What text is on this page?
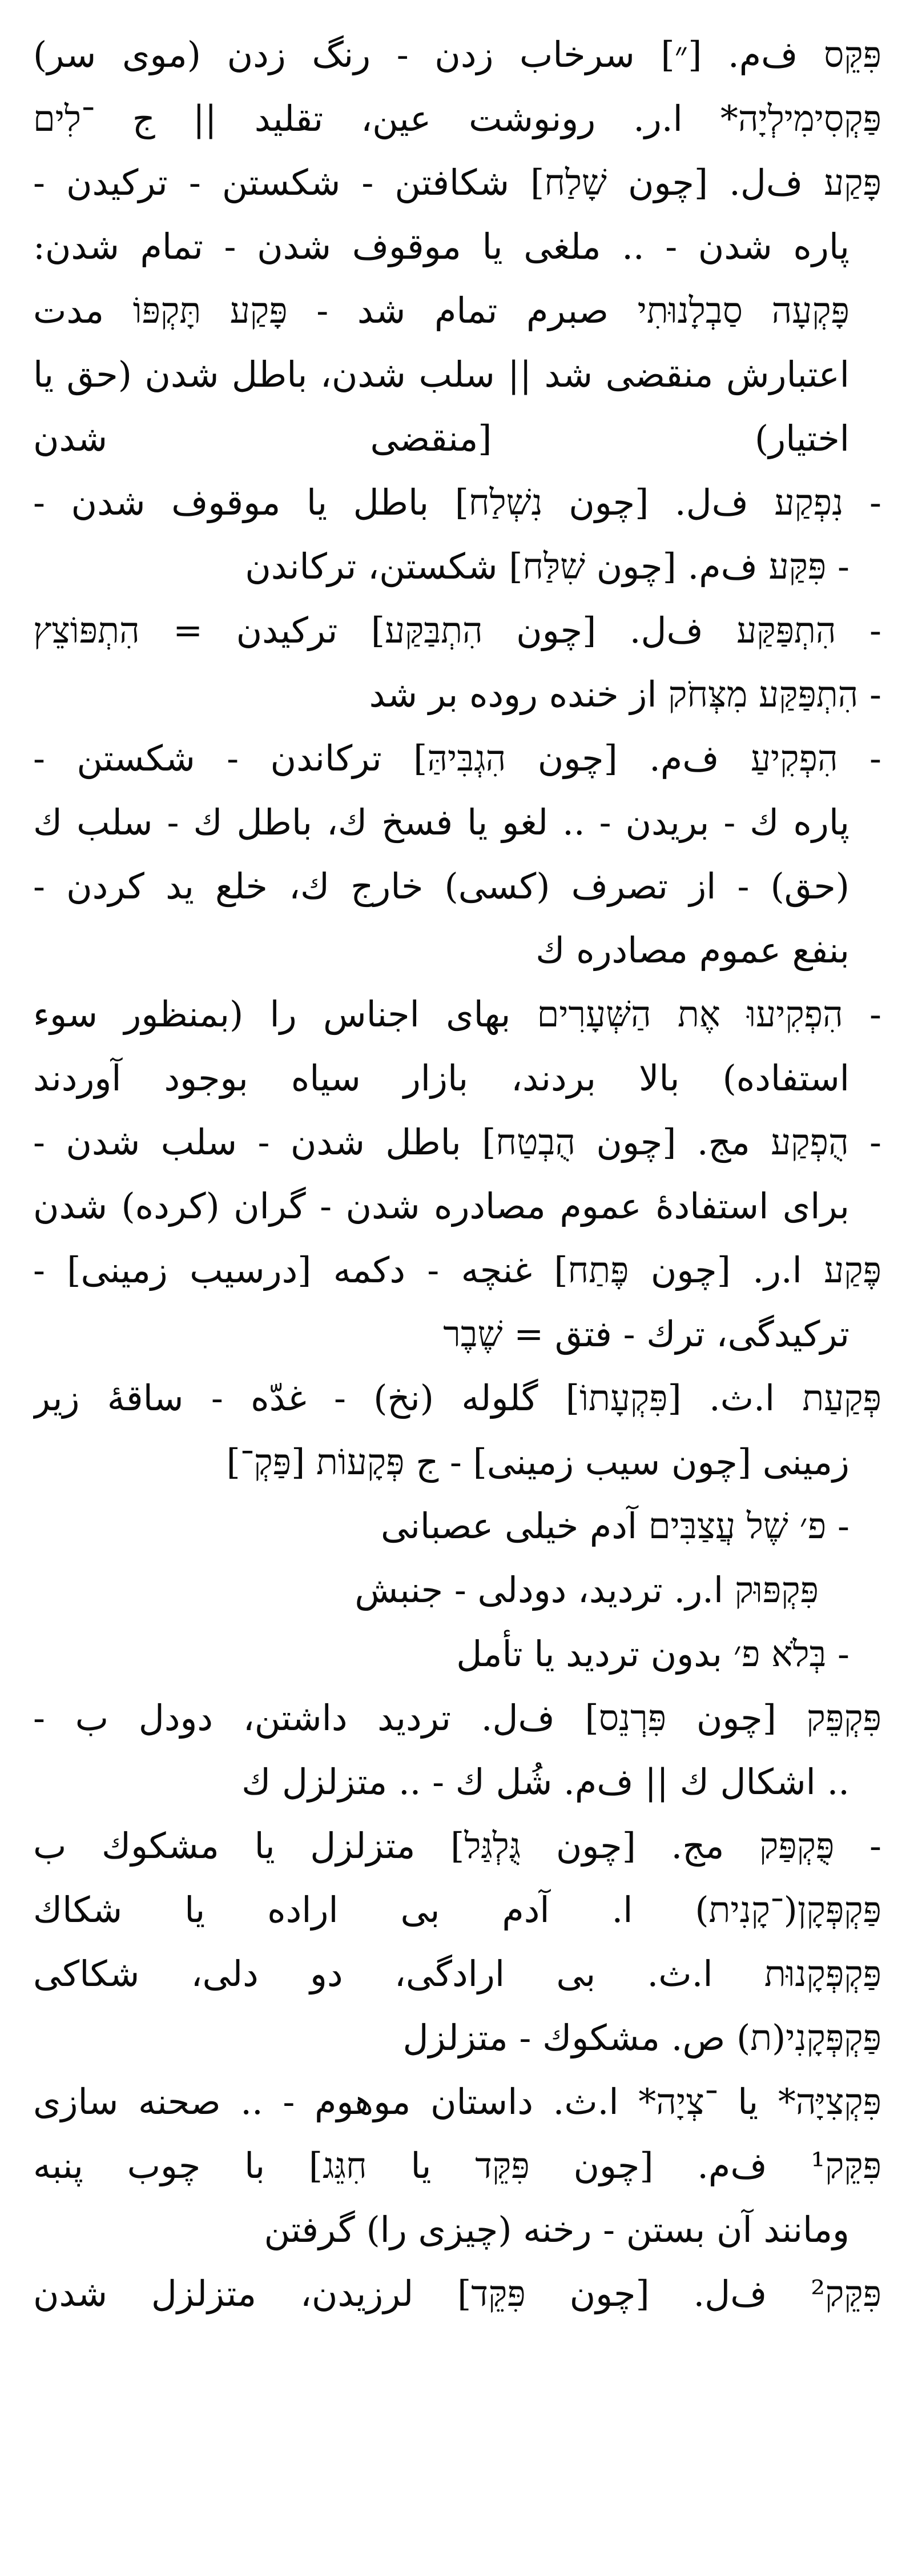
פִּקֵּס ف‌م. [״] سرخاب زدن - رنگ زدن (موی سر)
פַּקְסִימִילְיָה* ا.ر. رونوشت عین، تقلید || ج ־לִים
פָּקַע ف‌ل. [چون שָׁלַח] شكافتن - شكستن - تركيدن -
پاره شدن - .. ملغی یا موقوف شدن - تمام شدن:
פָּקְעָה סַבְלָנוּתִי صبرم تمام شد - פָּקַע תָּקְפּוֹ مدت
اعتبارش منقضی شد || سلب شدن، باطل شدن (حق یا
اختیار) [منقضی شدن
- נִפְקַע ف‌ل. [چون נִשְׁלַח] باطل یا موقوف شدن -
- פִּקַּע ف‌م. [چون שִׁלַּח] شكستن، تركاندن
- הִתְפַּקַּע ف‌ل. [چون הִתְבַּקַּע] تركیدن = הִתְפּוֹצֵץ
- הִתְפַּקַּע מִצְּחֹק از خنده روده بر شد
- הִפְקִיעַ ف‌م. [چون הִגְבִּיהַּ] تركاندن - شكستن -
پاره ك - بریدن - .. لغو یا فسخ ك، باطل ك - سلب ك
(حق) - از تصرف (كسی) خارج ك، خلع ید كردن -
بنفع عموم مصادره ك
- הִפְקִיעוּ אֶת הַשְּׁעָרִים بهای اجناس را (بمنظور سوء
استفاده) بالا بردند، بازار سیاه بوجود آوردند
- הֻפְקַע مج. [چون הֻבְטַח] باطل شدن - سلب شدن -
برای استفادهٔ عموم مصادره شدن - گران (كرده) شدن
פֶּקַע ا.ر. [چون פֶּתַח] غنچه - دكمه [درسیب زمینی] -
تركیدگی، ترك - فتق = שֶׁבֶר
פְּקַעַת ا.ث. [פִּקְעָתוֹ] گلوله (نخ) - غدّه - ساقهٔ زیر
زمینی [چون سیب زمینی] - ج פְּקָעוֹת [פַּקְ־]
- פ׳ שֶׁל עֲצַבִּים آدم خیلی عصبانی
פִּקְפּוּק ا.ر. تردید، دودلی - جنبش
- בְּלֹא פ׳ بدون تردید یا تأمل
פִּקְפֵּק [چون פִּרְנֵס] ف‌ل. تردید داشتن، دودل ب -
.. اشكال ك || ف‌م. شُل ك - .. متزلزل ك
- פֻּקְפַּק مج. [چون גֻּלְגַּל] متزلزل یا مشكوك ب
פַּקְפְּקָן(־קָנִית) ا. آدم بی اراده یا شكاك
פַּקְפְּקָנוּת ا.ث. بی ارادگی، دو دلی، شكاكی
פַּקְפְּקָנִי(ת) ص. مشكوك - متزلزل
פִּקְצִיָּה* یا ־צְיָה* ا.ث. داستان موهوم - .. صحنه سازی
פִּקֵּק¹ ف‌م. [چون פִּקֵּד یا חִגֵּג] با چوب پنبه
ومانند آن بستن - رخنه (چیزی را) گرفتن
פִּקֵּק² ف‌ل. [چون פִּקֵּד] لرزیدن، متزلزل شدن
